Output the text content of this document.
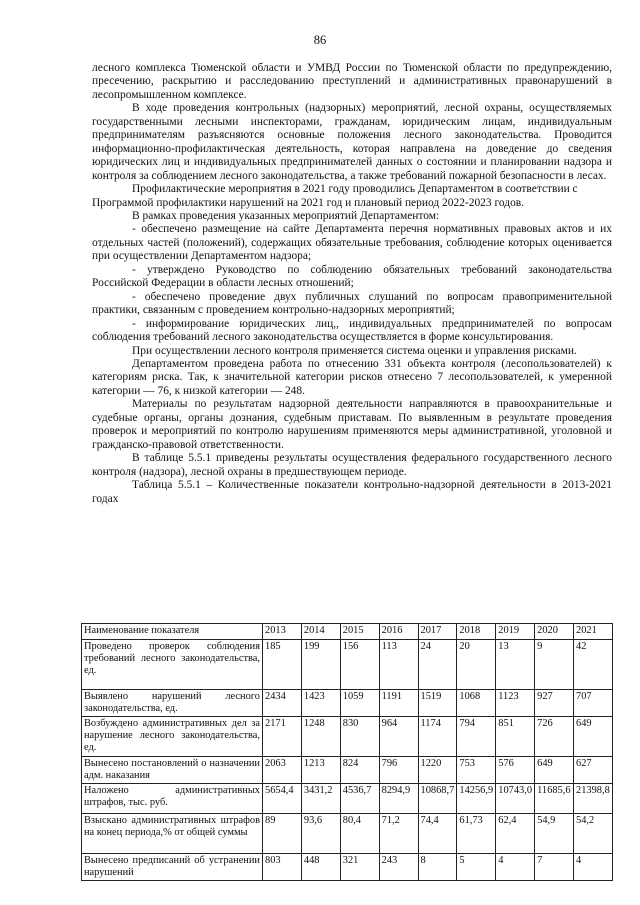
86

лесного комплекса Тюменской области и УМВД России по Тюменской области по предупреждению, пресечению, раскрытию и расследованию преступлений и административных правонарушений в лесопромышленном комплексе.

В ходе проведения контрольных (надзорных) мероприятий, лесной охраны, осуществляемых государственными лесными инспекторами, гражданам, юридическим лицам, индивидуальным предпринимателям разъясняются основные положения лесного законодательства. Проводится информационно-профилактическая деятельность, которая направлена на доведение до сведения юридических лиц и индивидуальных предпринимателей данных о состоянии и планировании надзора и контроля за соблюдением лесного законодательства, а также требований пожарной безопасности в лесах.

Профилактические мероприятия в 2021 году проводились Департаментом в соответствии с Программой профилактики нарушений на 2021 год и плановый период 2022-2023 годов.

В рамках проведения указанных мероприятий Департаментом:

- обеспечено размещение на сайте Департамента перечня нормативных правовых актов и их отдельных частей (положений), содержащих обязательные требования, соблюдение которых оценивается при осуществлении Департаментом надзора;

- утверждено Руководство по соблюдению обязательных требований законодательства Российской Федерации в области лесных отношений;

- обеспечено проведение двух публичных слушаний по вопросам правоприменительной практики, связанным с проведением контрольно-надзорных мероприятий;

- информирование юридических лиц,, индивидуальных предпринимателей по вопросам соблюдения требований лесного законодательства осуществляется в форме консультирования.

При осуществлении лесного контроля применяется система оценки и управления рисками.

Департаментом проведена работа по отнесению 331 объекта контроля (лесопользователей) к категориям риска. Так, к значительной категории рисков отнесено 7 лесопользователей, к умеренной категории — 76, к низкой категории — 248.

Материалы по результатам надзорной деятельности направляются в правоохранительные и судебные органы, органы дознания, судебным приставам. По выявленным в результате проведения проверок и мероприятий по контролю нарушениям применяются меры административной, уголовной и гражданско-правовой ответственности.

В таблице 5.5.1 приведены результаты осуществления федерального государственного лесного контроля (надзора), лесной охраны в предшествующем периоде.

Таблица 5.5.1 – Количественные показатели контрольно-надзорной деятельности в 2013-2021 годах

Наименование показателя	2013	2014	2015	2016	2017	2018	2019	2020	2021
Проведено проверок соблюдения требований лесного законодательства, ед.	185	199	156	113	24	20	13	9	42
Выявлено нарушений лесного законодательства, ед.	2434	1423	1059	1191	1519	1068	1123	927	707
Возбуждено административных дел за нарушение лесного законодательства, ед.	2171	1248	830	964	1174	794	851	726	649
Вынесено постановлений о назначении адм. наказания	2063	1213	824	796	1220	753	576	649	627
Наложено административных штрафов, тыс. руб.	5654,4	3431,2	4536,7	8294,9	10868,7	14256,9	10743,0	11685,6	21398,8
Взыскано административных штрафов на конец периода,% от общей суммы	89	93,6	80,4	71,2	74,4	61,73	62,4	54,9	54,2
Вынесено предписаний об устранении нарушений	803	448	321	243	8	5	4	7	4
